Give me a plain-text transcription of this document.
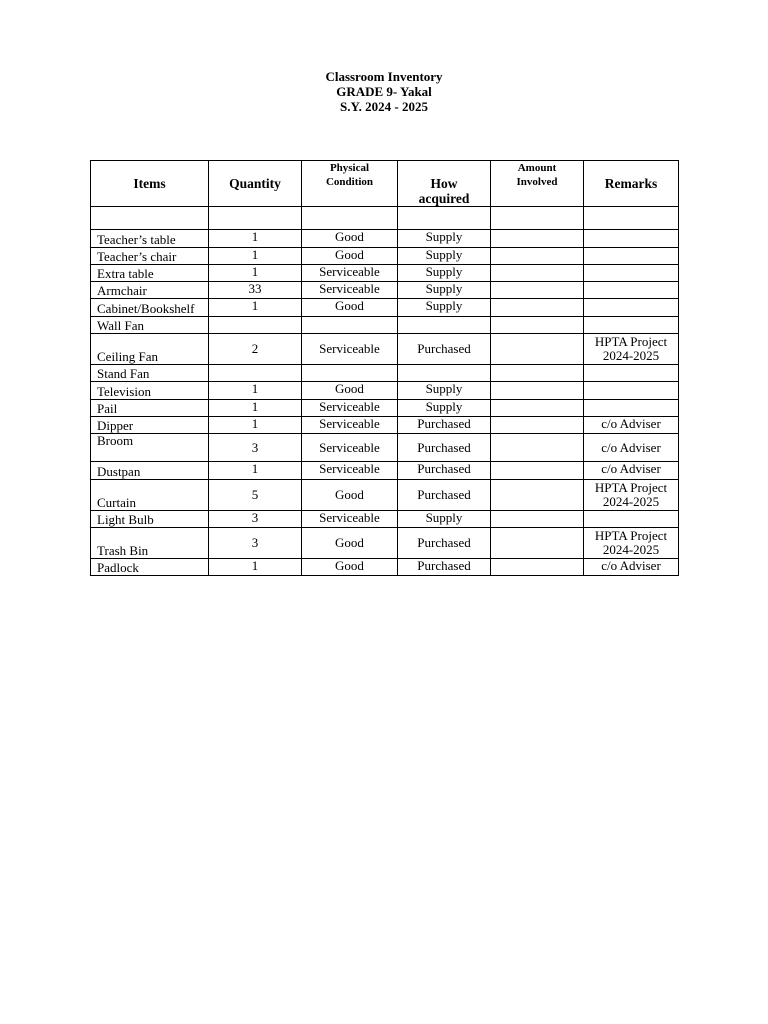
Classroom Inventory
GRADE 9- Yakal
S.Y. 2024 - 2025
Items	Quantity	Physical Condition	How acquired	Amount Involved	Remarks

Teacher’s table	1	Good	Supply		
Teacher’s chair	1	Good	Supply		
Extra table	1	Serviceable	Supply		
Armchair	33	Serviceable	Supply		
Cabinet/Bookshelf	1	Good	Supply		
Wall Fan					
Ceiling Fan	2	Serviceable	Purchased		HPTA Project 2024-2025
Stand Fan					
Television	1	Good	Supply		
Pail	1	Serviceable	Supply		
Dipper	1	Serviceable	Purchased		c/o Adviser
Broom	3	Serviceable	Purchased		c/o Adviser
Dustpan	1	Serviceable	Purchased		c/o Adviser
Curtain	5	Good	Purchased		HPTA Project 2024-2025
Light Bulb	3	Serviceable	Supply		
Trash Bin	3	Good	Purchased		HPTA Project 2024-2025
Padlock	1	Good	Purchased		c/o Adviser
